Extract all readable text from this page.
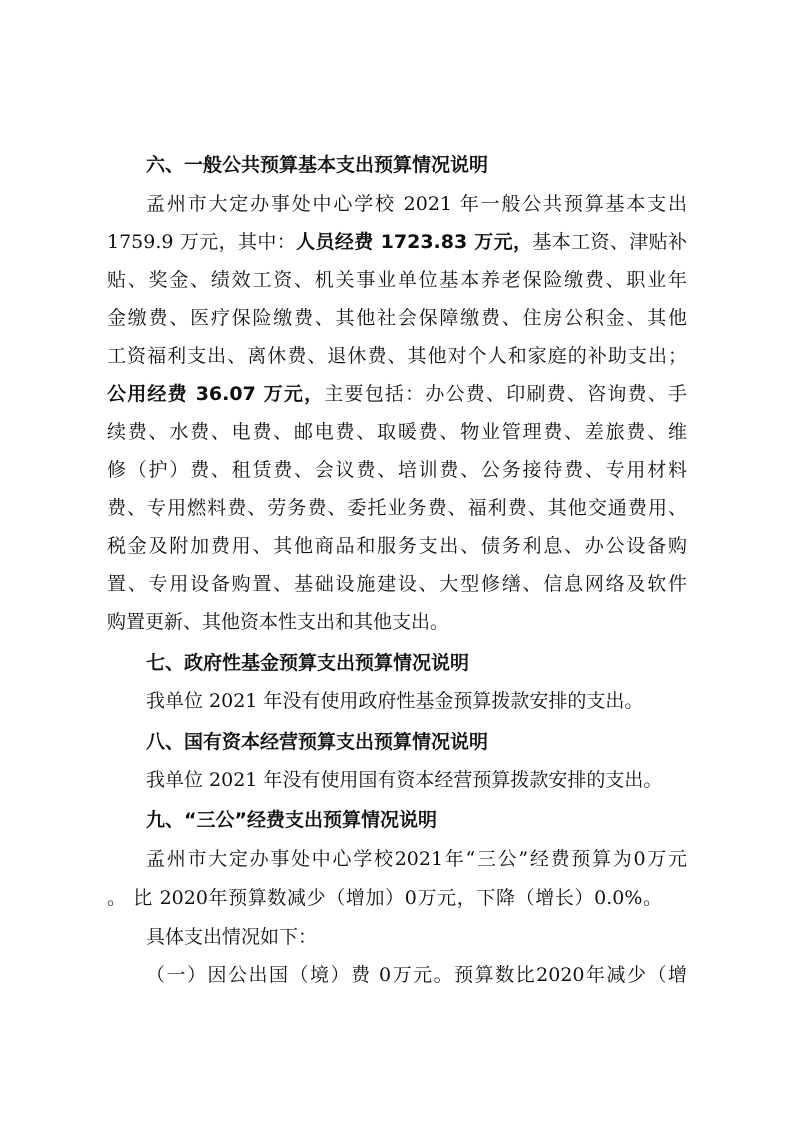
六、一般公共预算基本支出预算情况说明
孟州市大定办事处中心学校 2021 年一般公共预算基本支出
1759.9 万元，其中：人员经费 1723.83 万元，基本工资、津贴补
贴、奖金、绩效工资、机关事业单位基本养老保险缴费、职业年
金缴费、医疗保险缴费、其他社会保障缴费、住房公积金、其他
工资福利支出、离休费、退休费、其他对个人和家庭的补助支出；
公用经费 36.07 万元，主要包括：办公费、印刷费、咨询费、手
续费、水费、电费、邮电费、取暖费、物业管理费、差旅费、维
修（护）费、租赁费、会议费、培训费、公务接待费、专用材料
费、专用燃料费、劳务费、委托业务费、福利费、其他交通费用、
税金及附加费用、其他商品和服务支出、债务利息、办公设备购
置、专用设备购置、基础设施建设、大型修缮、信息网络及软件
购置更新、其他资本性支出和其他支出。
七、政府性基金预算支出预算情况说明
我单位 2021 年没有使用政府性基金预算拨款安排的支出。
八、国有资本经营预算支出预算情况说明
我单位 2021 年没有使用国有资本经营预算拨款安排的支出。
九、“三公”经费支出预算情况说明
孟州市大定办事处中心学校2021年“三公”经费预算为0万元
。 比 2020年预算数减少（增加）0万元，下降（增长）0.0%。
具体支出情况如下：
（一）因公出国（境）费 0万元。预算数比2020年减少（增
